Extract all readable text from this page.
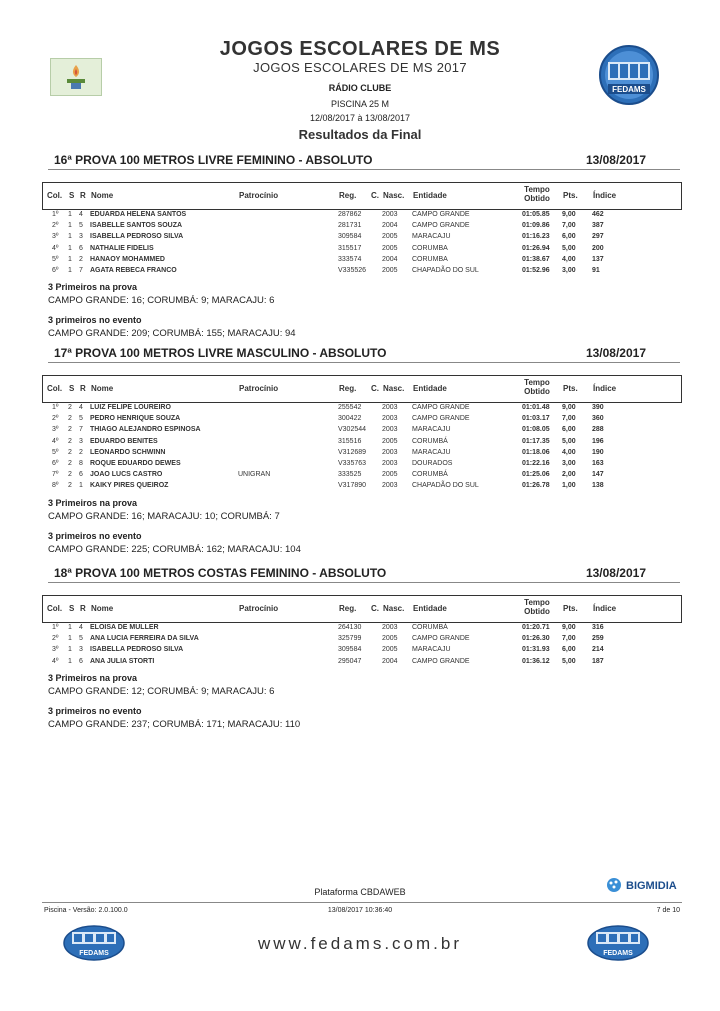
FEDAMS
JOGOS ESCOLARES DE MS
JOGOS ESCOLARES DE MS 2017
RÁDIO CLUBE
PISCINA 25 M
12/08/2017 à 13/08/2017
Resultados da Final
16ª PROVA 100 METROS LIVRE FEMININO - ABSOLUTO	13/08/2017
Col. S R Nome	Patrocínio	Reg. C. Nasc. Entidade
Tempo Obtido	Pts. Índice
1º 1 4 EDUARDA HELENA SANTOS	287862	2003 CAMPO GRANDE	01:05.85 9,00 462
2º 1 5 ISABELLE SANTOS SOUZA	281731	2004 CAMPO GRANDE	01:09.86 7,00 387
3º 1 3 ISABELLA PEDROSO SILVA	309584	2005 MARACAJU	01:16.23 6,00 297
4º 1 6 NATHALIE FIDELIS	315517	2005 CORUMBA	01:26.94 5,00 200
5º 1 2 HANAOY MOHAMMED	333574	2004 CORUMBA	01:38.67 4,00 137
6º 1 7 AGATA REBECA FRANCO	V335526 2005 CHAPADÃO DO SUL	01:52.96 3,00 91
3 Primeiros na prova
CAMPO GRANDE: 16; CORUMBÁ: 9; MARACAJU: 6
3 primeiros no evento
CAMPO GRANDE: 209; CORUMBÁ: 155; MARACAJU: 94
17ª PROVA 100 METROS LIVRE MASCULINO - ABSOLUTO	13/08/2017
Col. S R Nome	Patrocínio	Reg. C. Nasc. Entidade
Tempo Obtido	Pts. Índice
1º 2 4 LUIZ FELIPE LOUREIRO	255542	2003 CAMPO GRANDE	01:01.48 9,00 390
2º 2 5 PEDRO HENRIQUE SOUZA	300422	2003 CAMPO GRANDE	01:03.17 7,00 360
3º 2 7 THIAGO ALEJANDRO ESPINOSA	V302544 2003 MARACAJU	01:08.05 6,00 288
4º 2 3 EDUARDO BENITES	315516	2005 CORUMBÁ	01:17.35 5,00 196
5º 2 2 LEONARDO SCHWINN	V312689 2003 MARACAJU	01:18.06 4,00 190
6º 2 8 ROQUE EDUARDO DEWES	V335763 2003 DOURADOS	01:22.16 3,00 163
7º 2 6 JOAO LUCS CASTRO	UNIGRAN	333525	2005 CORUMBÁ	01:25.06 2,00 147
8º 2 1 KAIKY PIRES QUEIROZ	V317890 2003 CHAPADÃO DO SUL	01:26.78 1,00 138
3 Primeiros na prova
CAMPO GRANDE: 16; MARACAJU: 10; CORUMBÁ: 7
3 primeiros no evento
CAMPO GRANDE: 225; CORUMBÁ: 162; MARACAJU: 104
18ª PROVA 100 METROS COSTAS FEMININO - ABSOLUTO	13/08/2017
Col. S R Nome	Patrocínio	Reg. C. Nasc. Entidade
Tempo Obtido	Pts. Índice
1º 1 4 ELOISA DE MULLER	264130	2003 CORUMBÁ	01:20.71 9,00 316
2º 1 5 ANA LUCIA FERREIRA DA SILVA	325799	2005 CAMPO GRANDE	01:26.30 7,00 259
3º 1 3 ISABELLA PEDROSO SILVA	309584	2005 MARACAJU	01:31.93 6,00 214
4º 1 6 ANA JULIA STORTI	295047	2004 CAMPO GRANDE	01:36.12 5,00 187
3 Primeiros na prova
CAMPO GRANDE: 12; CORUMBÁ: 9; MARACAJU: 6
3 primeiros no evento
CAMPO GRANDE: 237; CORUMBÁ: 171; MARACAJU: 110
Plataforma CBDAWEB	BIGMIDIA
Piscina - Versão: 2.0.100.0	13/08/2017 10:36:40	7 de 10
FEDAMS
www.fedams.com.br
FEDAMS
